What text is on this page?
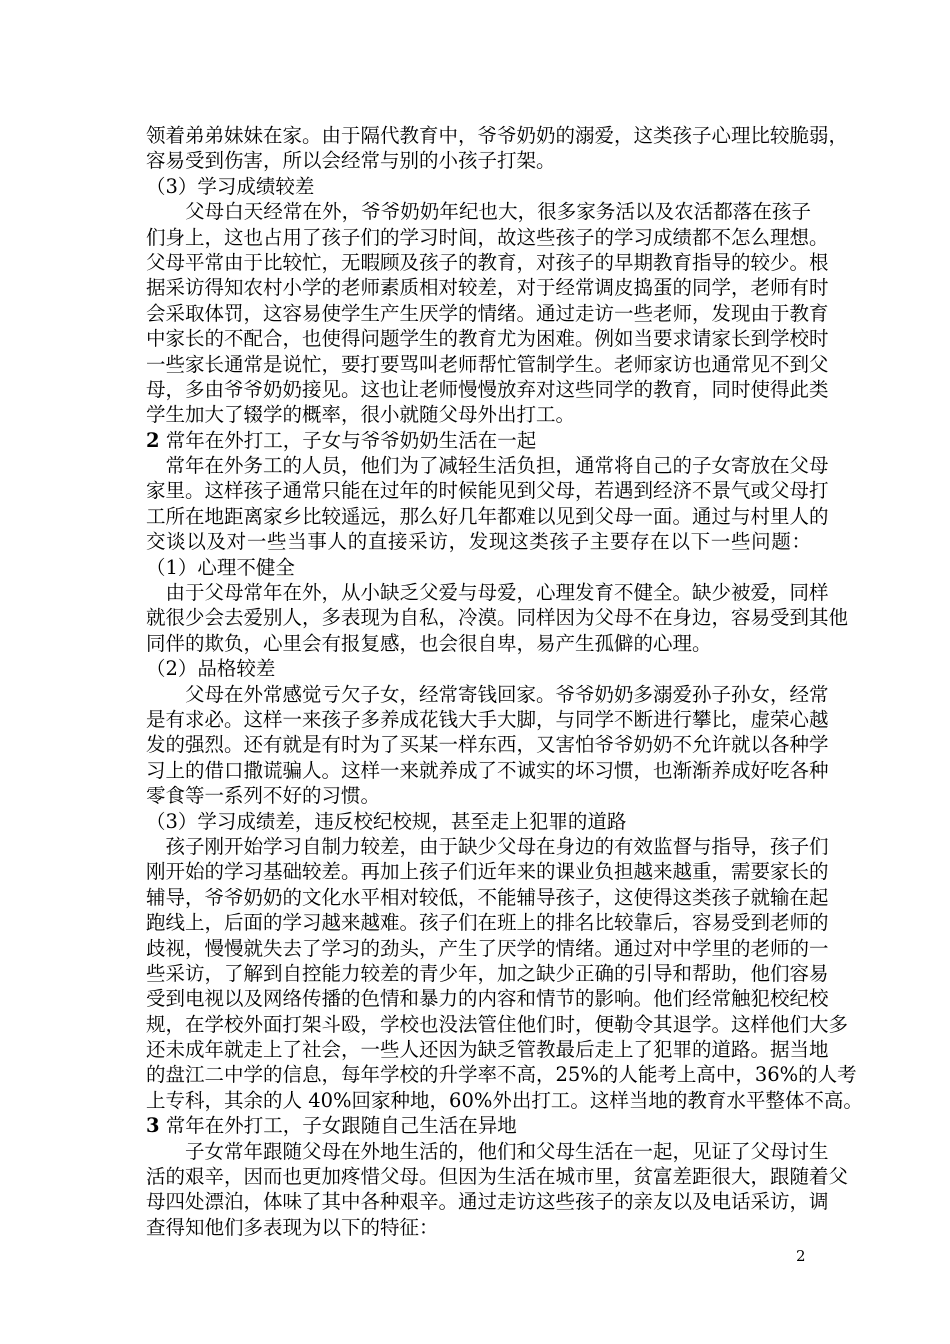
领着弟弟妹妹在家。由于隔代教育中，爷爷奶奶的溺爱，这类孩子心理比较脆弱，
容易受到伤害，所以会经常与别的小孩子打架。
（3）学习成绩较差
　　父母白天经常在外，爷爷奶奶年纪也大，很多家务活以及农活都落在孩子
们身上，这也占用了孩子们的学习时间，故这些孩子的学习成绩都不怎么理想。
父母平常由于比较忙，无暇顾及孩子的教育，对孩子的早期教育指导的较少。根
据采访得知农村小学的老师素质相对较差，对于经常调皮捣蛋的同学，老师有时
会采取体罚，这容易使学生产生厌学的情绪。通过走访一些老师，发现由于教育
中家长的不配合，也使得问题学生的教育尤为困难。例如当要求请家长到学校时
一些家长通常是说忙，要打要骂叫老师帮忙管制学生。老师家访也通常见不到父
母，多由爷爷奶奶接见。这也让老师慢慢放弃对这些同学的教育，同时使得此类
学生加大了辍学的概率，很小就随父母外出打工。
2 常年在外打工，子女与爷爷奶奶生活在一起
　常年在外务工的人员，他们为了减轻生活负担，通常将自己的子女寄放在父母
家里。这样孩子通常只能在过年的时候能见到父母，若遇到经济不景气或父母打
工所在地距离家乡比较遥远，那么好几年都难以见到父母一面。通过与村里人的
交谈以及对一些当事人的直接采访，发现这类孩子主要存在以下一些问题：
（1）心理不健全
　由于父母常年在外，从小缺乏父爱与母爱，心理发育不健全。缺少被爱，同样
就很少会去爱别人，多表现为自私，冷漠。同样因为父母不在身边，容易受到其他
同伴的欺负，心里会有报复感，也会很自卑，易产生孤僻的心理。
（2）品格较差
　　父母在外常感觉亏欠子女，经常寄钱回家。爷爷奶奶多溺爱孙子孙女，经常
是有求必。这样一来孩子多养成花钱大手大脚，与同学不断进行攀比，虚荣心越
发的强烈。还有就是有时为了买某一样东西，又害怕爷爷奶奶不允许就以各种学
习上的借口撒谎骗人。这样一来就养成了不诚实的坏习惯，也渐渐养成好吃各种
零食等一系列不好的习惯。
（3）学习成绩差，违反校纪校规，甚至走上犯罪的道路
　孩子刚开始学习自制力较差，由于缺少父母在身边的有效监督与指导，孩子们
刚开始的学习基础较差。再加上孩子们近年来的课业负担越来越重，需要家长的
辅导，爷爷奶奶的文化水平相对较低，不能辅导孩子，这使得这类孩子就输在起
跑线上，后面的学习越来越难。孩子们在班上的排名比较靠后，容易受到老师的
歧视，慢慢就失去了学习的劲头，产生了厌学的情绪。通过对中学里的老师的一
些采访，了解到自控能力较差的青少年，加之缺少正确的引导和帮助，他们容易
受到电视以及网络传播的色情和暴力的内容和情节的影响。他们经常触犯校纪校
规，在学校外面打架斗殴，学校也没法管住他们时，便勒令其退学。这样他们大多
还未成年就走上了社会，一些人还因为缺乏管教最后走上了犯罪的道路。据当地
的盘江二中学的信息，每年学校的升学率不高，25%的人能考上高中，36%的人考
上专科，其余的人 40%回家种地，60%外出打工。这样当地的教育水平整体不高。
3 常年在外打工，子女跟随自己生活在异地
　　子女常年跟随父母在外地生活的，他们和父母生活在一起，见证了父母讨生
活的艰辛，因而也更加疼惜父母。但因为生活在城市里，贫富差距很大，跟随着父
母四处漂泊，体味了其中各种艰辛。通过走访这些孩子的亲友以及电话采访，调
查得知他们多表现为以下的特征：
2
